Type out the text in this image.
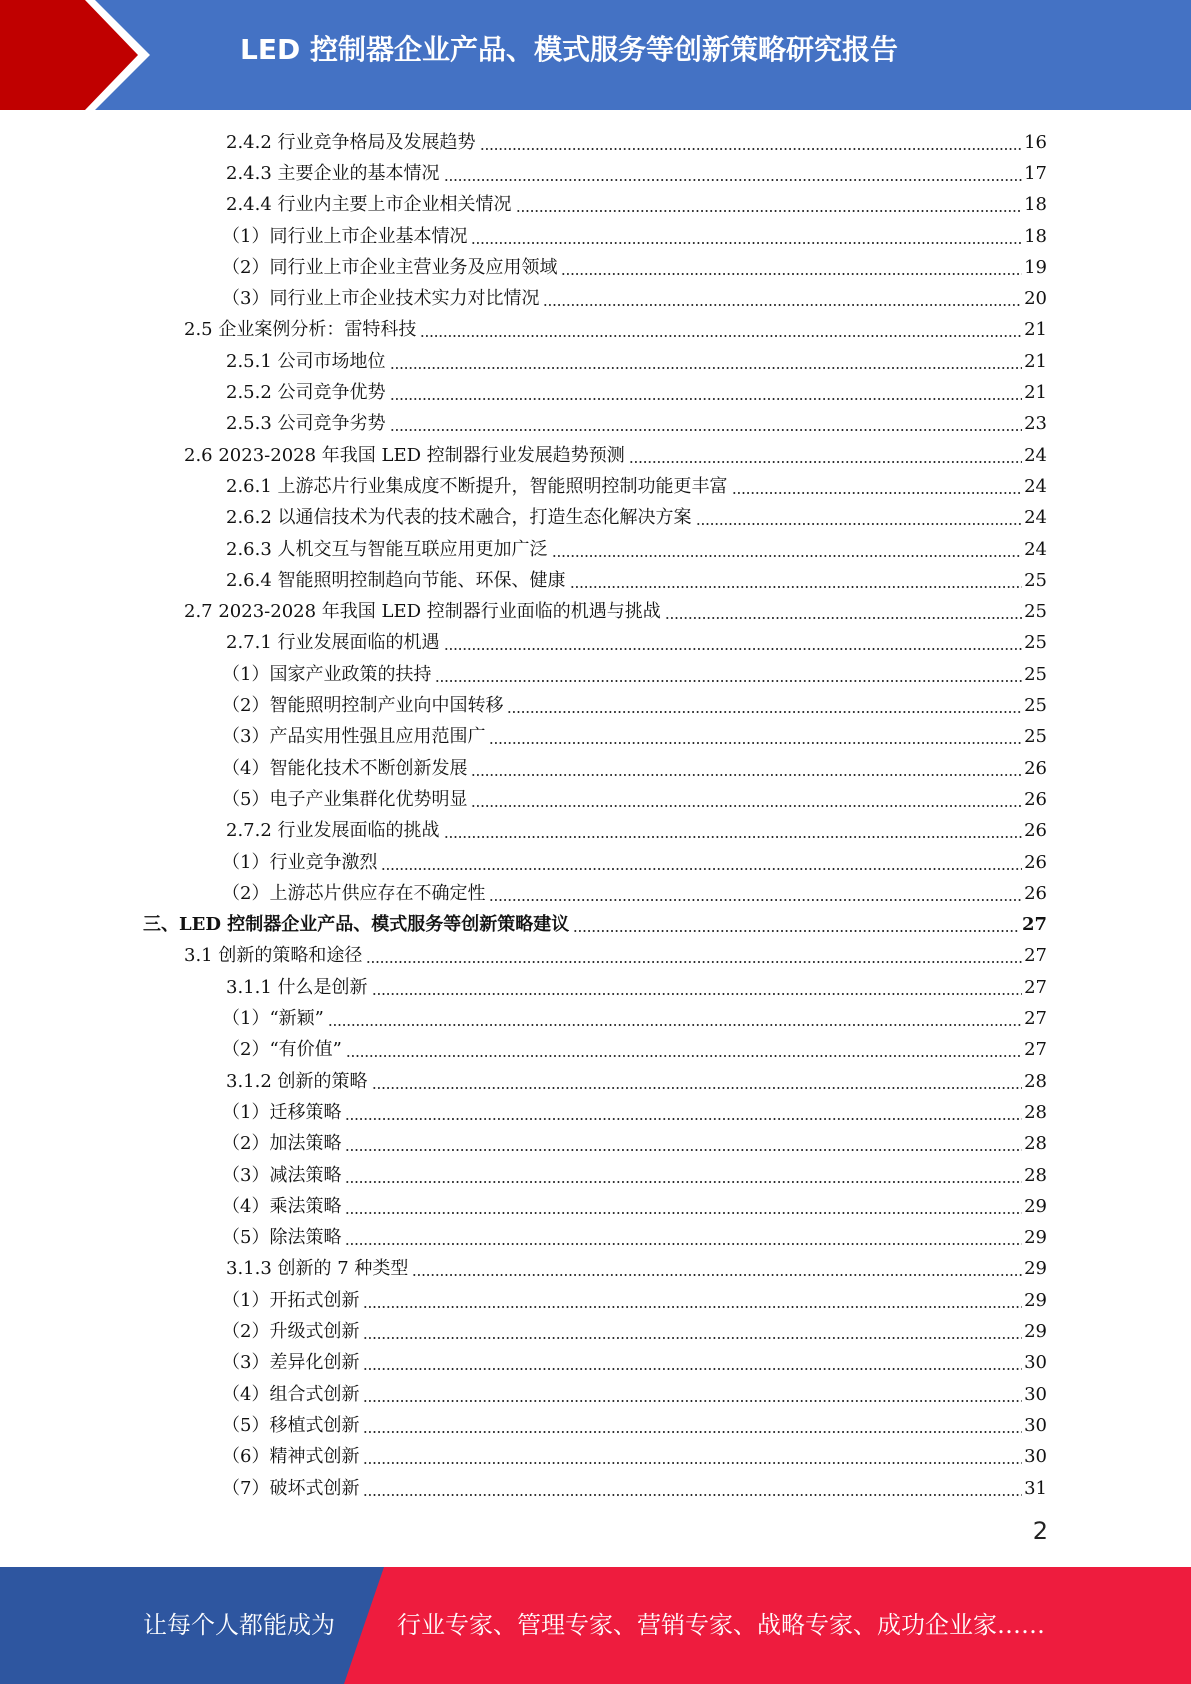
LED 控制器企业产品、模式服务等创新策略研究报告
2.4.2 行业竞争格局及发展趋势	16
2.4.3 主要企业的基本情况	17
2.4.4 行业内主要上市企业相关情况	18
（1）同行业上市企业基本情况	18
（2）同行业上市企业主营业务及应用领域	19
（3）同行业上市企业技术实力对比情况	20
2.5 企业案例分析：雷特科技	21
2.5.1 公司市场地位	21
2.5.2 公司竞争优势	21
2.5.3 公司竞争劣势	23
2.6 2023-2028 年我国 LED 控制器行业发展趋势预测	24
2.6.1 上游芯片行业集成度不断提升，智能照明控制功能更丰富	24
2.6.2 以通信技术为代表的技术融合，打造生态化解决方案	24
2.6.3 人机交互与智能互联应用更加广泛	24
2.6.4 智能照明控制趋向节能、环保、健康	25
2.7 2023-2028 年我国 LED 控制器行业面临的机遇与挑战	25
2.7.1 行业发展面临的机遇	25
（1）国家产业政策的扶持	25
（2）智能照明控制产业向中国转移	25
（3）产品实用性强且应用范围广	25
（4）智能化技术不断创新发展	26
（5）电子产业集群化优势明显	26
2.7.2 行业发展面临的挑战	26
（1）行业竞争激烈	26
（2）上游芯片供应存在不确定性	26
三、LED 控制器企业产品、模式服务等创新策略建议	27
3.1 创新的策略和途径	27
3.1.1 什么是创新	27
（1）“新颖”	27
（2）“有价值”	27
3.1.2 创新的策略	28
（1）迁移策略	28
（2）加法策略	28
（3）减法策略	28
（4）乘法策略	29
（5）除法策略	29
3.1.3 创新的 7 种类型	29
（1）开拓式创新	29
（2）升级式创新	29
（3）差异化创新	30
（4）组合式创新	30
（5）移植式创新	30
（6）精神式创新	30
（7）破坏式创新	31
2
让每个人都能成为	行业专家、管理专家、营销专家、战略专家、成功企业家……
